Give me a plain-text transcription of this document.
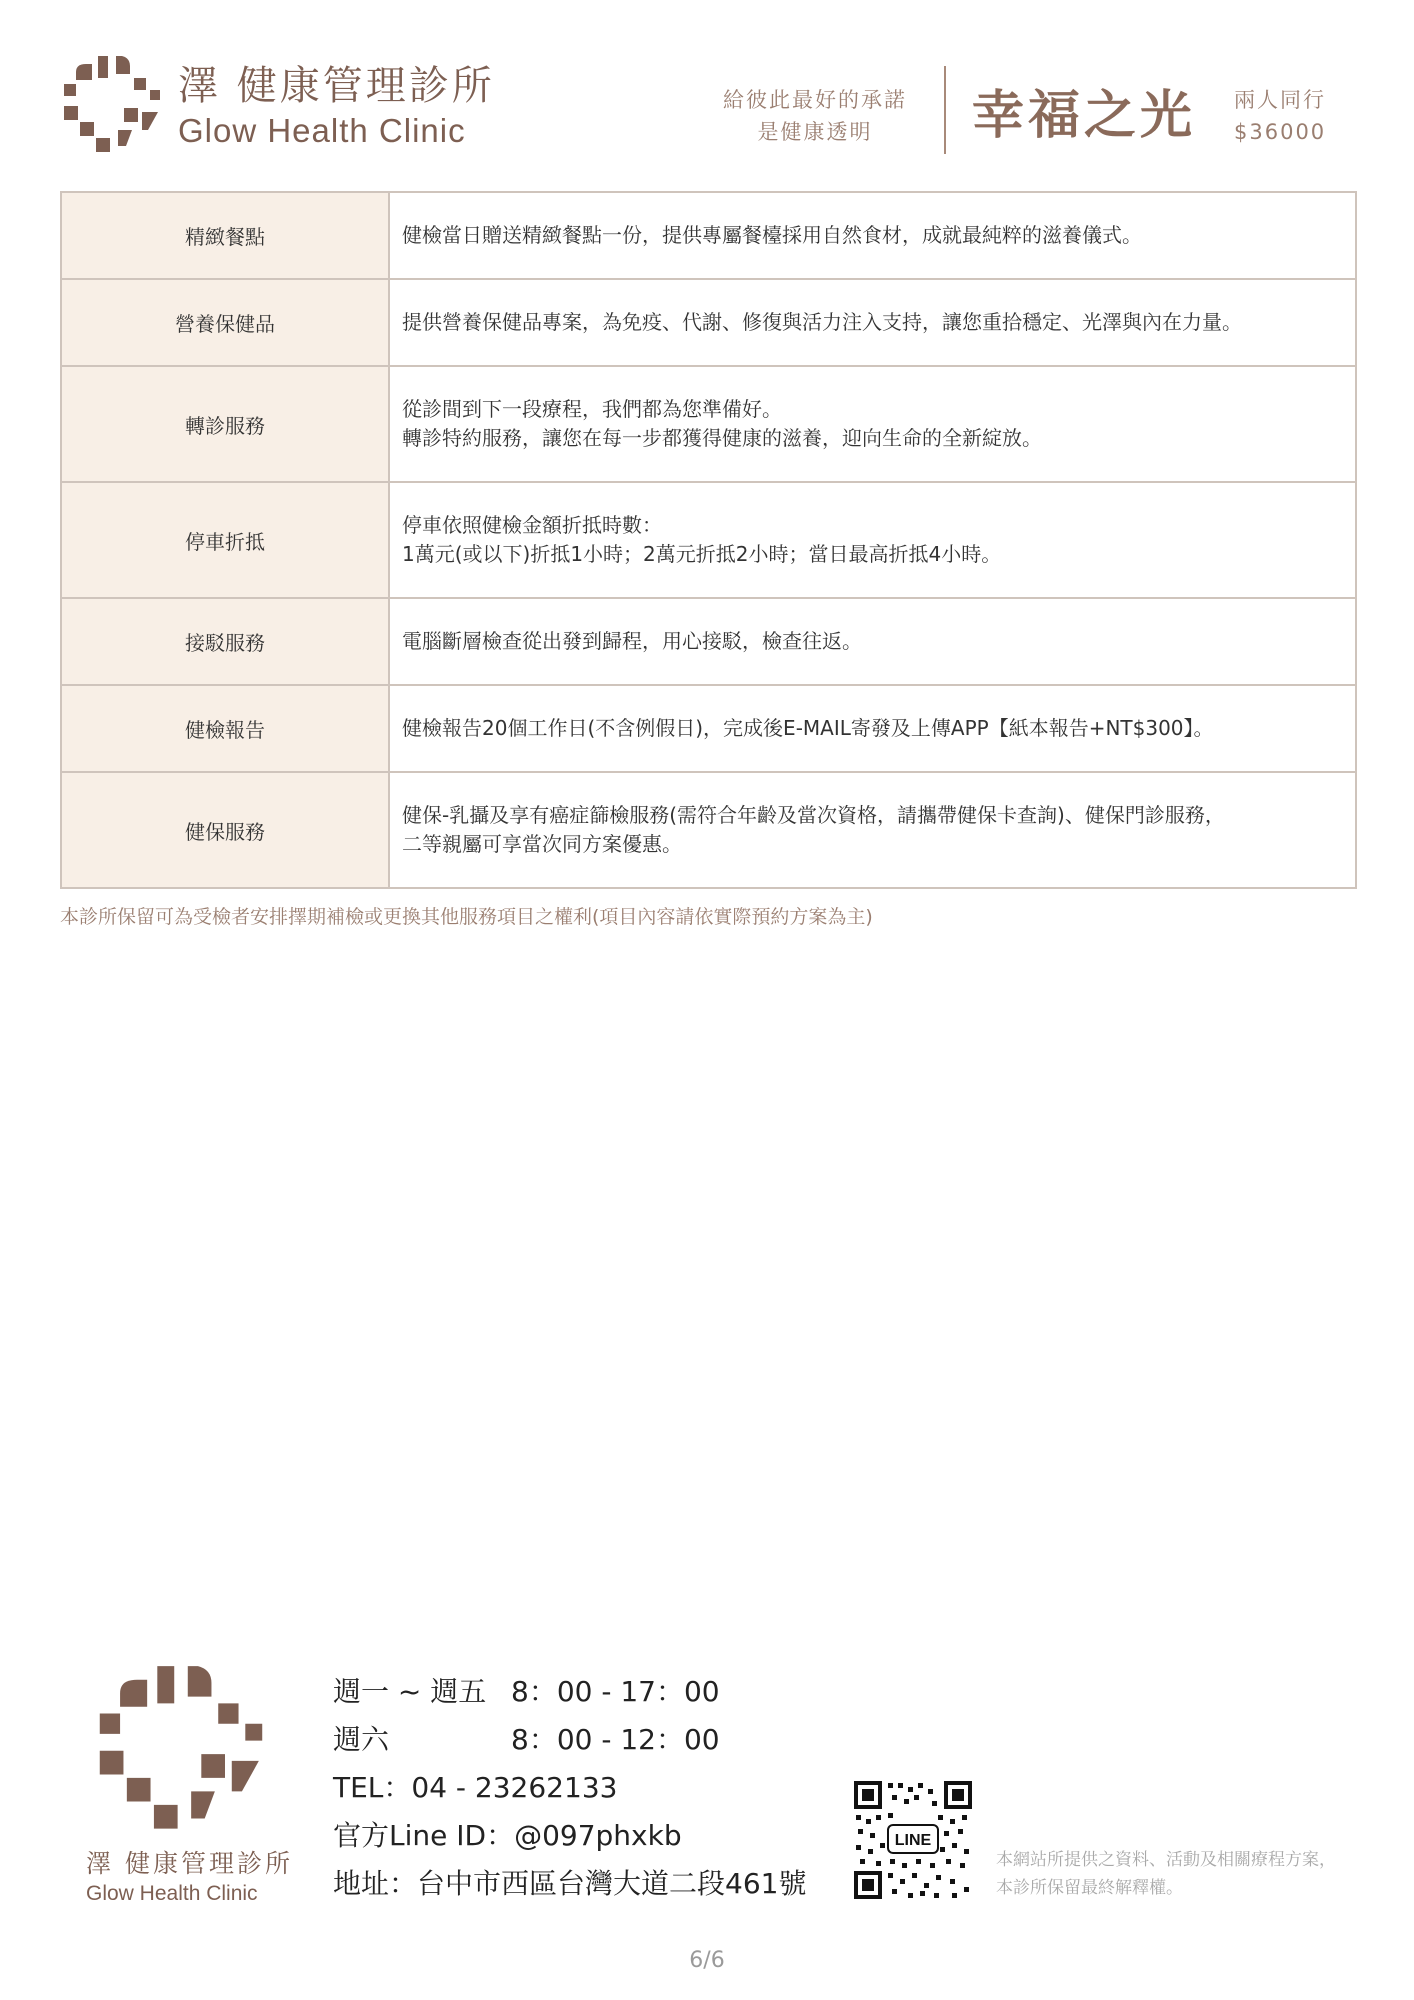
澤 健康管理診所
Glow Health Clinic
給彼此最好的承諾
是健康透明	幸福之光 兩人同行
$36000
精緻餐點	健檢當日贈送精緻餐點一份，提供專屬餐檯採用自然食材，成就最純粹的滋養儀式。

營養保健品	提供營養保健品專案，為免疫、代謝、修復與活力注入支持，讓您重拾穩定、光澤與內在力量。

轉診服務	從診間到下一段療程，我們都為您準備好。
轉診特約服務，讓您在每一步都獲得健康的滋養，迎向生命的全新綻放。

停車折抵	停車依照健檢金額折抵時數：
1萬元(或以下)折抵1小時；2萬元折抵2小時；當日最高折抵4小時。

接駁服務	電腦斷層檢查從出發到歸程，用心接駁，檢查往返。

健檢報告	健檢報告20個工作日(不含例假日)，完成後E-MAIL寄發及上傳APP【紙本報告+NT$300】。

健保服務	健保-乳攝及享有癌症篩檢服務(需符合年齡及當次資格，請攜帶健保卡查詢)、健保門診服務，
二等親屬可享當次同方案優惠。
本診所保留可為受檢者安排擇期補檢或更換其他服務項目之權利(項目內容請依實際預約方案為主)
澤 健康管理診所
Glow Health Clinic
週一 ~ 週五 8：00 - 17：00
週六	8：00 - 12：00
TEL：04 - 23262133
官方Line ID：@097phxkb
地址：台中市西區台灣大道二段461號
LINE
本網站所提供之資料、活動及相關療程方案，
本診所保留最終解釋權。
6/6
